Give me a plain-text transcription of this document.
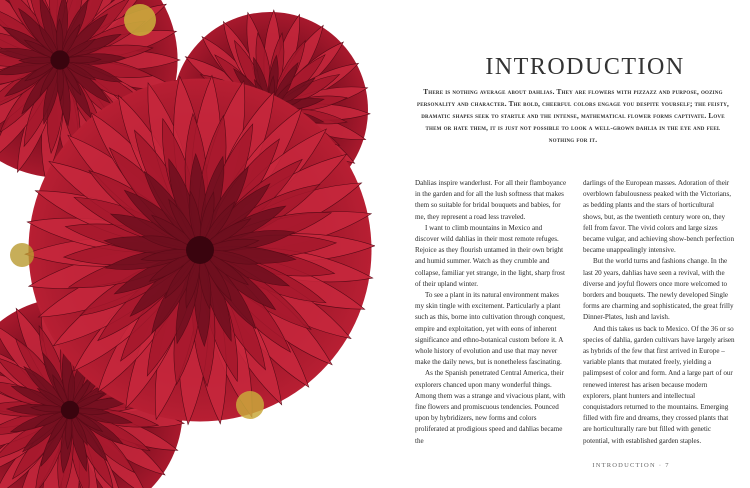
INTRODUCTION
There is nothing average about dahlias. They are flowers with pizzazz and purpose, oozing personality and character. The bold, cheerful colors engage you despite yourself; the feisty, dramatic shapes seek to startle and the intense, mathematical flower forms captivate. Love them or hate them, it is just not possible to look a well-grown dahlia in the eye and feel nothing for it.

Dahlias inspire wanderlust. For all their flamboyance in the garden and for all the lush softness that makes them so suitable for bridal bouquets and babies, for me, they represent a road less traveled.

I want to climb mountains in Mexico and discover wild dahlias in their most remote refuges. Rejoice as they flourish untamed in their own bright and humid summer. Watch as they crumble and collapse, familiar yet strange, in the light, sharp frost of their upland winter.

To see a plant in its natural environment makes my skin tingle with excitement. Particularly a plant such as this, borne into cultivation through conquest, empire and exploitation, yet with eons of inherent significance and ethno-botanical custom before it. A whole history of evolution and use that may never make the daily news, but is nonetheless fascinating.

As the Spanish penetrated Central America, their explorers chanced upon many wonderful things. Among them was a strange and vivacious plant, with fine flowers and promiscuous tendencies. Pounced upon by hybridizers, new forms and colors proliferated at prodigious speed and dahlias became the

darlings of the European masses. Adoration of their overblown fabulousness peaked with the Victorians, as bedding plants and the stars of horticultural shows, but, as the twentieth century wore on, they fell from favor. The vivid colors and large sizes became vulgar, and achieving show-bench perfection became unappealingly intensive.

But the world turns and fashions change. In the last 20 years, dahlias have seen a revival, with the diverse and joyful flowers once more welcomed to borders and bouquets. The newly developed Single forms are charming and sophisticated, the great frilly Dinner-Plates, lush and lavish.

And this takes us back to Mexico. Of the 36 or so species of dahlia, garden cultivars have largely arisen as hybrids of the few that first arrived in Europe – variable plants that mutated freely, yielding a palimpsest of color and form. And a large part of our renewed interest has arisen because modern explorers, plant hunters and intellectual conquistadors returned to the mountains. Emerging filled with fire and dreams, they crossed plants that are horticulturally rare but filled with genetic potential, with established garden staples.

INTRODUCTION · 7
